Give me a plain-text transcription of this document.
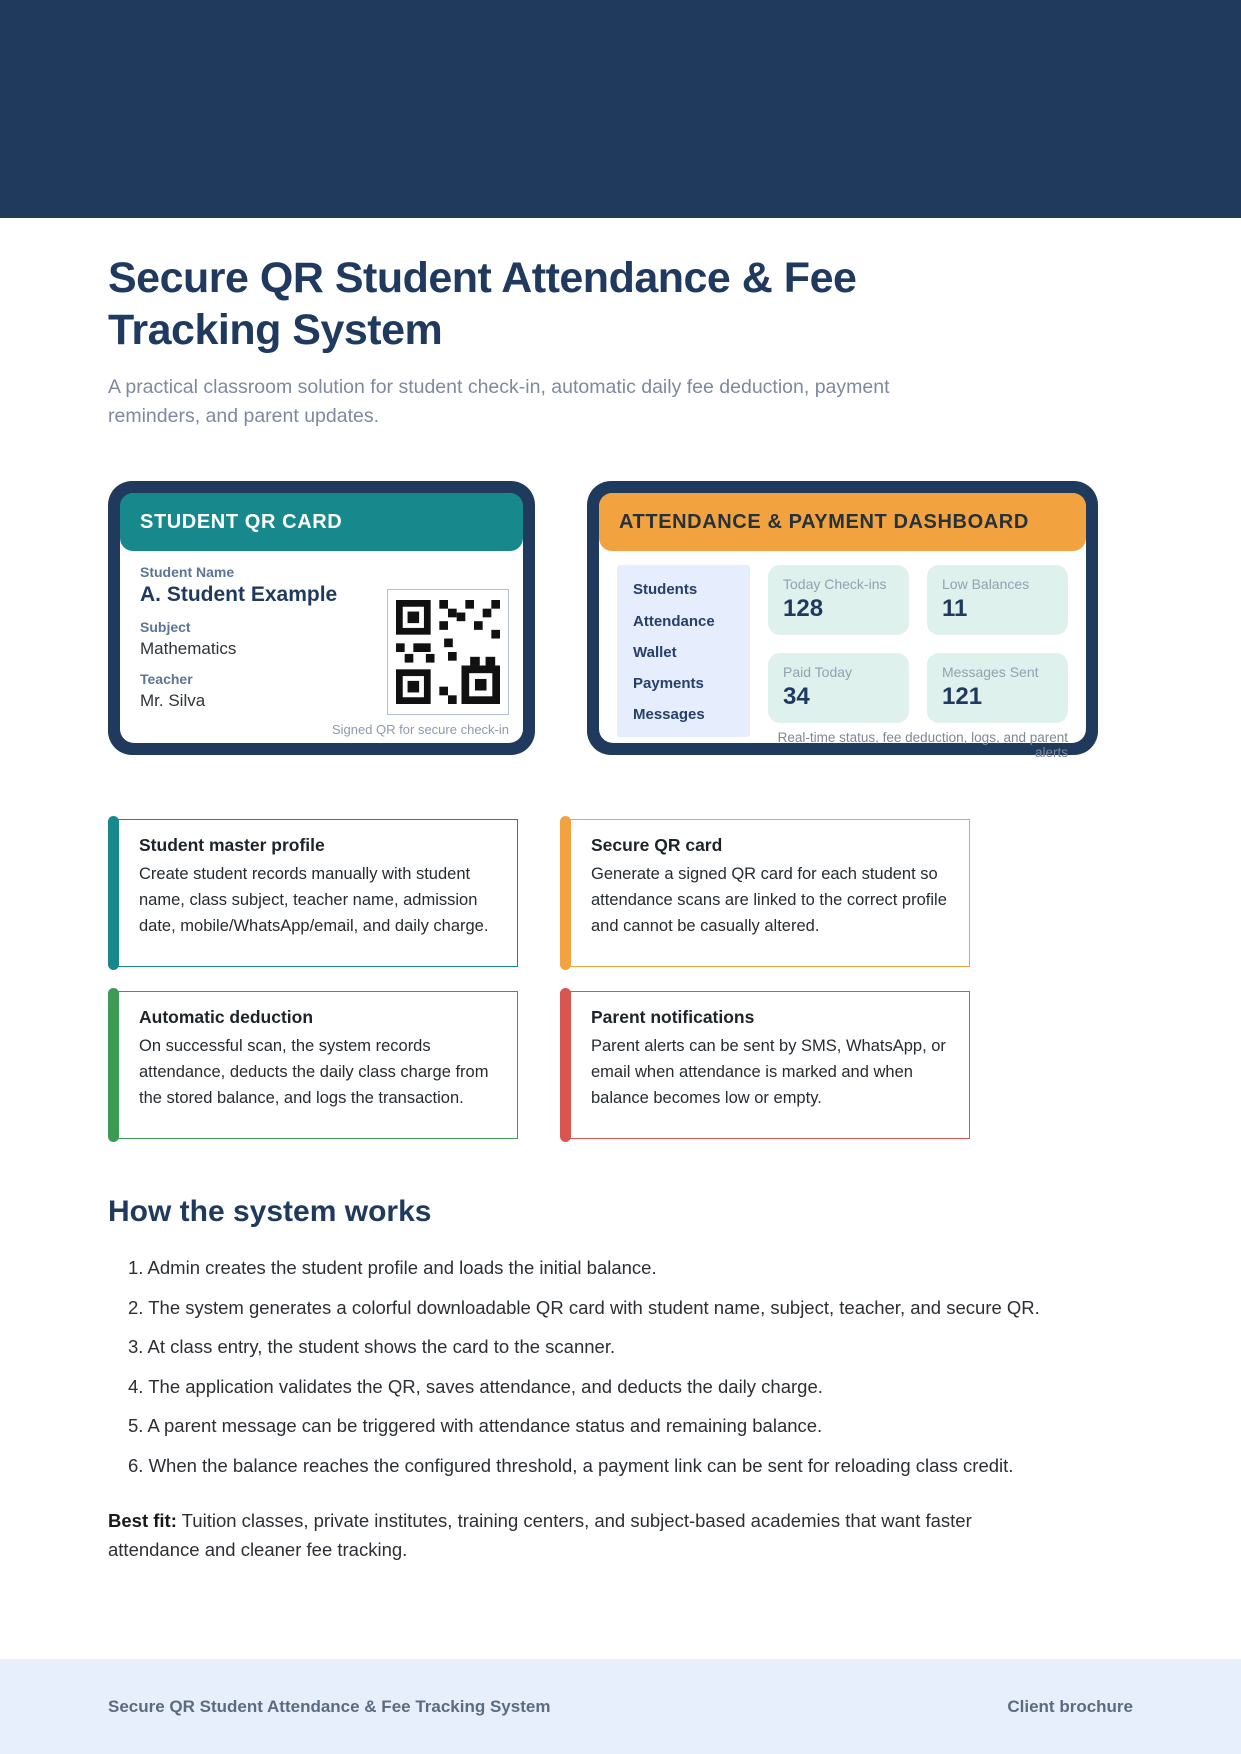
Secure QR Student Attendance & Fee Tracking System

A practical classroom solution for student check-in, automatic daily fee deduction, payment reminders, and parent updates.

STUDENT QR CARD
Student Name
A. Student Example
Subject
Mathematics
Teacher
Mr. Silva
Signed QR for secure check-in
ATTENDANCE & PAYMENT DASHBOARD
Students
Attendance
Wallet
Payments
Messages
Today Check-ins
128
Low Balances
11
Paid Today
34
Messages Sent
121
Real-time status, fee deduction, logs, and parent alerts
Student master profile
Create student records manually with student name, class subject, teacher name, admission date, mobile/WhatsApp/email, and daily charge.
Secure QR card
Generate a signed QR card for each student so attendance scans are linked to the correct profile and cannot be casually altered.
Automatic deduction
On successful scan, the system records attendance, deducts the daily class charge from the stored balance, and logs the transaction.
Parent notifications
Parent alerts can be sent by SMS, WhatsApp, or email when attendance is marked and when balance becomes low or empty.
How the system works
1. Admin creates the student profile and loads the initial balance.
2. The system generates a colorful downloadable QR card with student name, subject, teacher, and secure QR.
3. At class entry, the student shows the card to the scanner.
4. The application validates the QR, saves attendance, and deducts the daily charge.
5. A parent message can be triggered with attendance status and remaining balance.
6. When the balance reaches the configured threshold, a payment link can be sent for reloading class credit.

Best fit: Tuition classes, private institutes, training centers, and subject-based academies that want faster attendance and cleaner fee tracking.

Secure QR Student Attendance & Fee Tracking System	Client brochure
